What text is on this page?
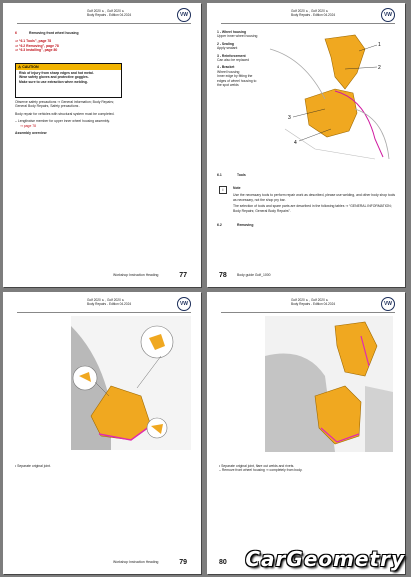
Golf 2020 ➤ , Golf 2020 ➤
Body Repairs - Edition 04.2024	VW
6	Removing front wheel housing
⇒ “6.1 Tools”, page 78
⇒ “6.2 Removing”, page 78
⇒ “6.3 Installing”, page 80
⚠ CAUTION
Risk of injury from sharp edges and hot metal.
Wear safety gloves and protective goggles.
Make sure to use extraction when welding.
Observe safety precautions ⇒ General information; Body Repairs; General Body Repairs, Safety precautions .
Body repair for vehicles with structural system must be completed.
– Lengthwise member for upper inner wheel housing assembly.
⇒ page 78
Assembly overview
Workshop Instruction Heading	77
Golf 2020 ➤ , Golf 2020 ➤
Body Repairs - Edition 04.2024	VW
1 - Wheel housing
Upper inner wheel housing
2 - Sealing
Apply sealant
3 - Reinforcement
Can also be replaced
4 - Bracket
Wheel housing
Inner edge by fitting the edges of wheel housing to the spot welds
1
2
3
4
6.1	Tools
i	Note
Use the necessary tools to perform repair work as described, please use welding, and other body shop tools as necessary, not the shop pry bar.
The selection of tools and spare parts are described in the following tables ⇒ “GENERAL INFORMATION; Body Repairs; General Body Repairs”.
6.2	Removing
78	Body guide Golf_1000
Golf 2020 ➤ , Golf 2020 ➤
Body Repairs - Edition 04.2024	VW
• Separate original joint.
Workshop Instruction Heading	79
Golf 2020 ➤ , Golf 2020 ➤
Body Repairs - Edition 04.2024	VW
• Separate original joint, flare out welds and rivets.
– Remove front wheel housing ⇒ completely from body.
80 CarGeometry
